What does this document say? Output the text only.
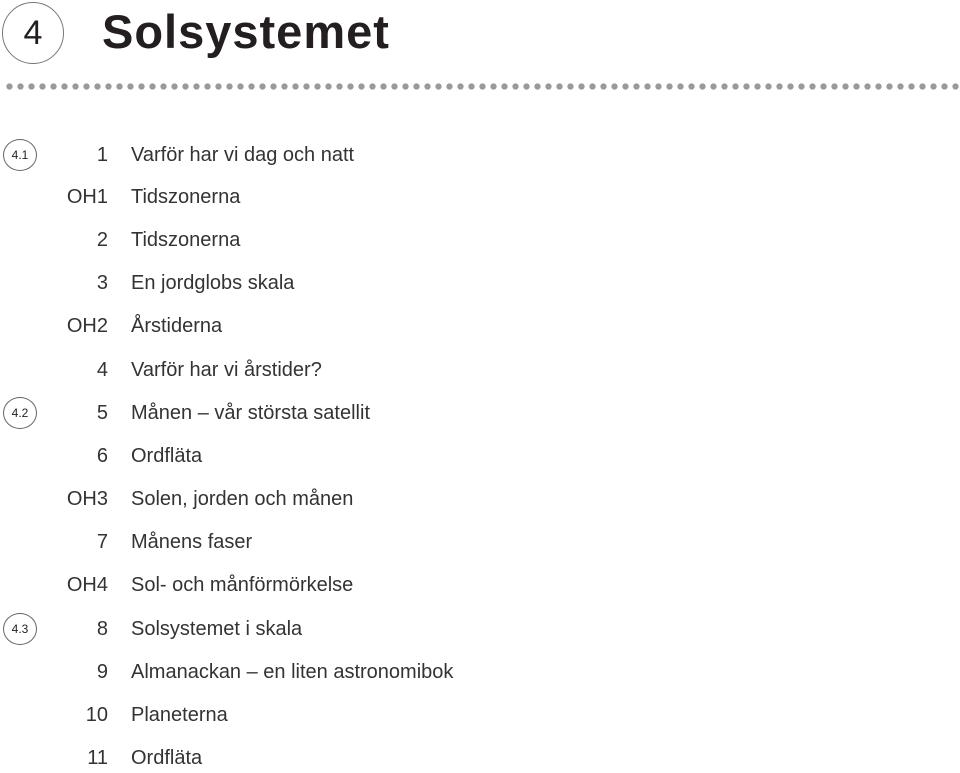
4	Solsystemet
4.1	1 Varför har vi dag och natt
OH1 Tidszonerna
2 Tidszonerna
3 En jordglobs skala
OH2 Årstiderna
4 Varför har vi årstider?
4.2	5 Månen – vår största satellit
6 Ordfläta
OH3 Solen, jorden och månen
7 Månens faser
OH4 Sol- och månförmörkelse
4.3	8 Solsystemet i skala
9 Almanackan – en liten astronomibok
10 Planeterna
11 Ordfläta
